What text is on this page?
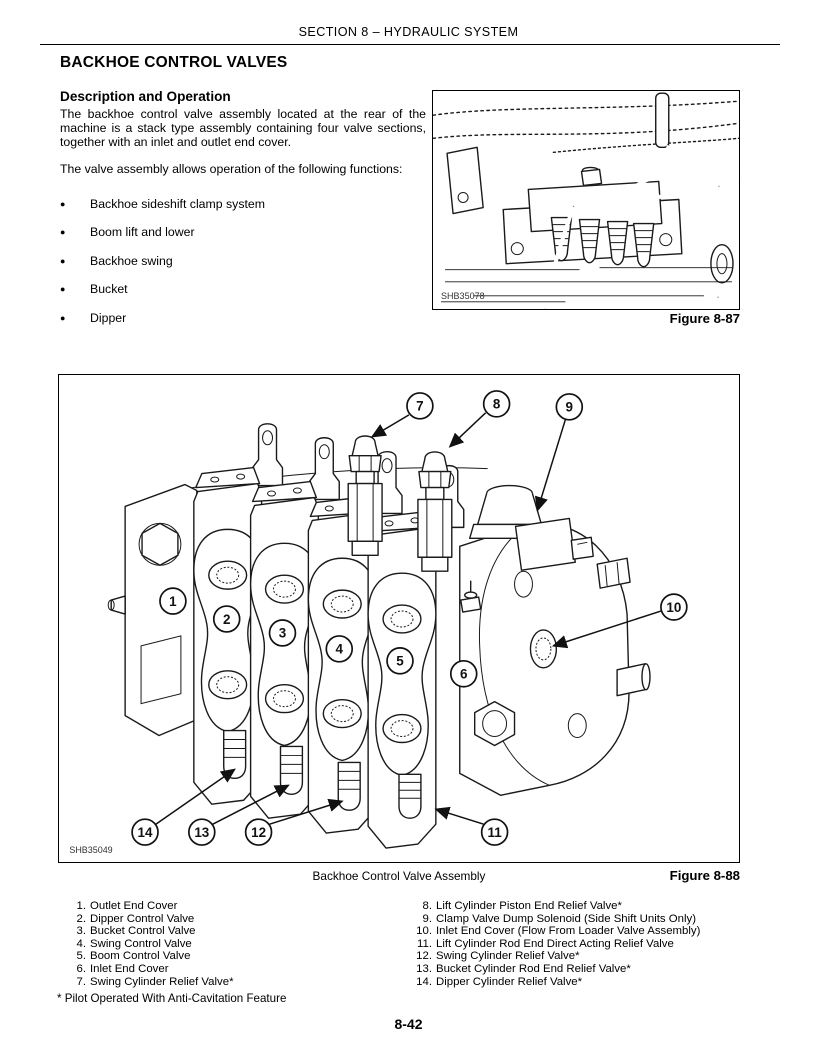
SECTION 8 – HYDRAULIC SYSTEM
BACKHOE CONTROL VALVES
Description and Operation

The backhoe control valve assembly located at the rear of the machine is a stack type assembly containing four valve sections, together with an inlet and outlet end cover.

The valve assembly allows operation of the following functions:

●	Backhoe sideshift clamp system
●	Boom lift and lower
●	Backhoe swing
●	Bucket
●	Dipper
SHB35078
Figure 8-87
1
2
3
4
5
6
7	8	9
10
11
12
13
14
SHB35049
Backhoe Control Valve Assembly	Figure 8-88
1. Outlet End Cover
2. Dipper Control Valve
3. Bucket Control Valve
4. Swing Control Valve
5. Boom Control Valve
6. Inlet End Cover
7. Swing Cylinder Relief Valve*
8. Lift Cylinder Piston End Relief Valve*
9. Clamp Valve Dump Solenoid (Side Shift Units Only)
10. Inlet End Cover (Flow From Loader Valve Assembly)
11. Lift Cylinder Rod End Direct Acting Relief Valve
12. Swing Cylinder Relief Valve*
13. Bucket Cylinder Rod End Relief Valve*
14. Dipper Cylinder Relief Valve*
* Pilot Operated With Anti-Cavitation Feature
8-42
